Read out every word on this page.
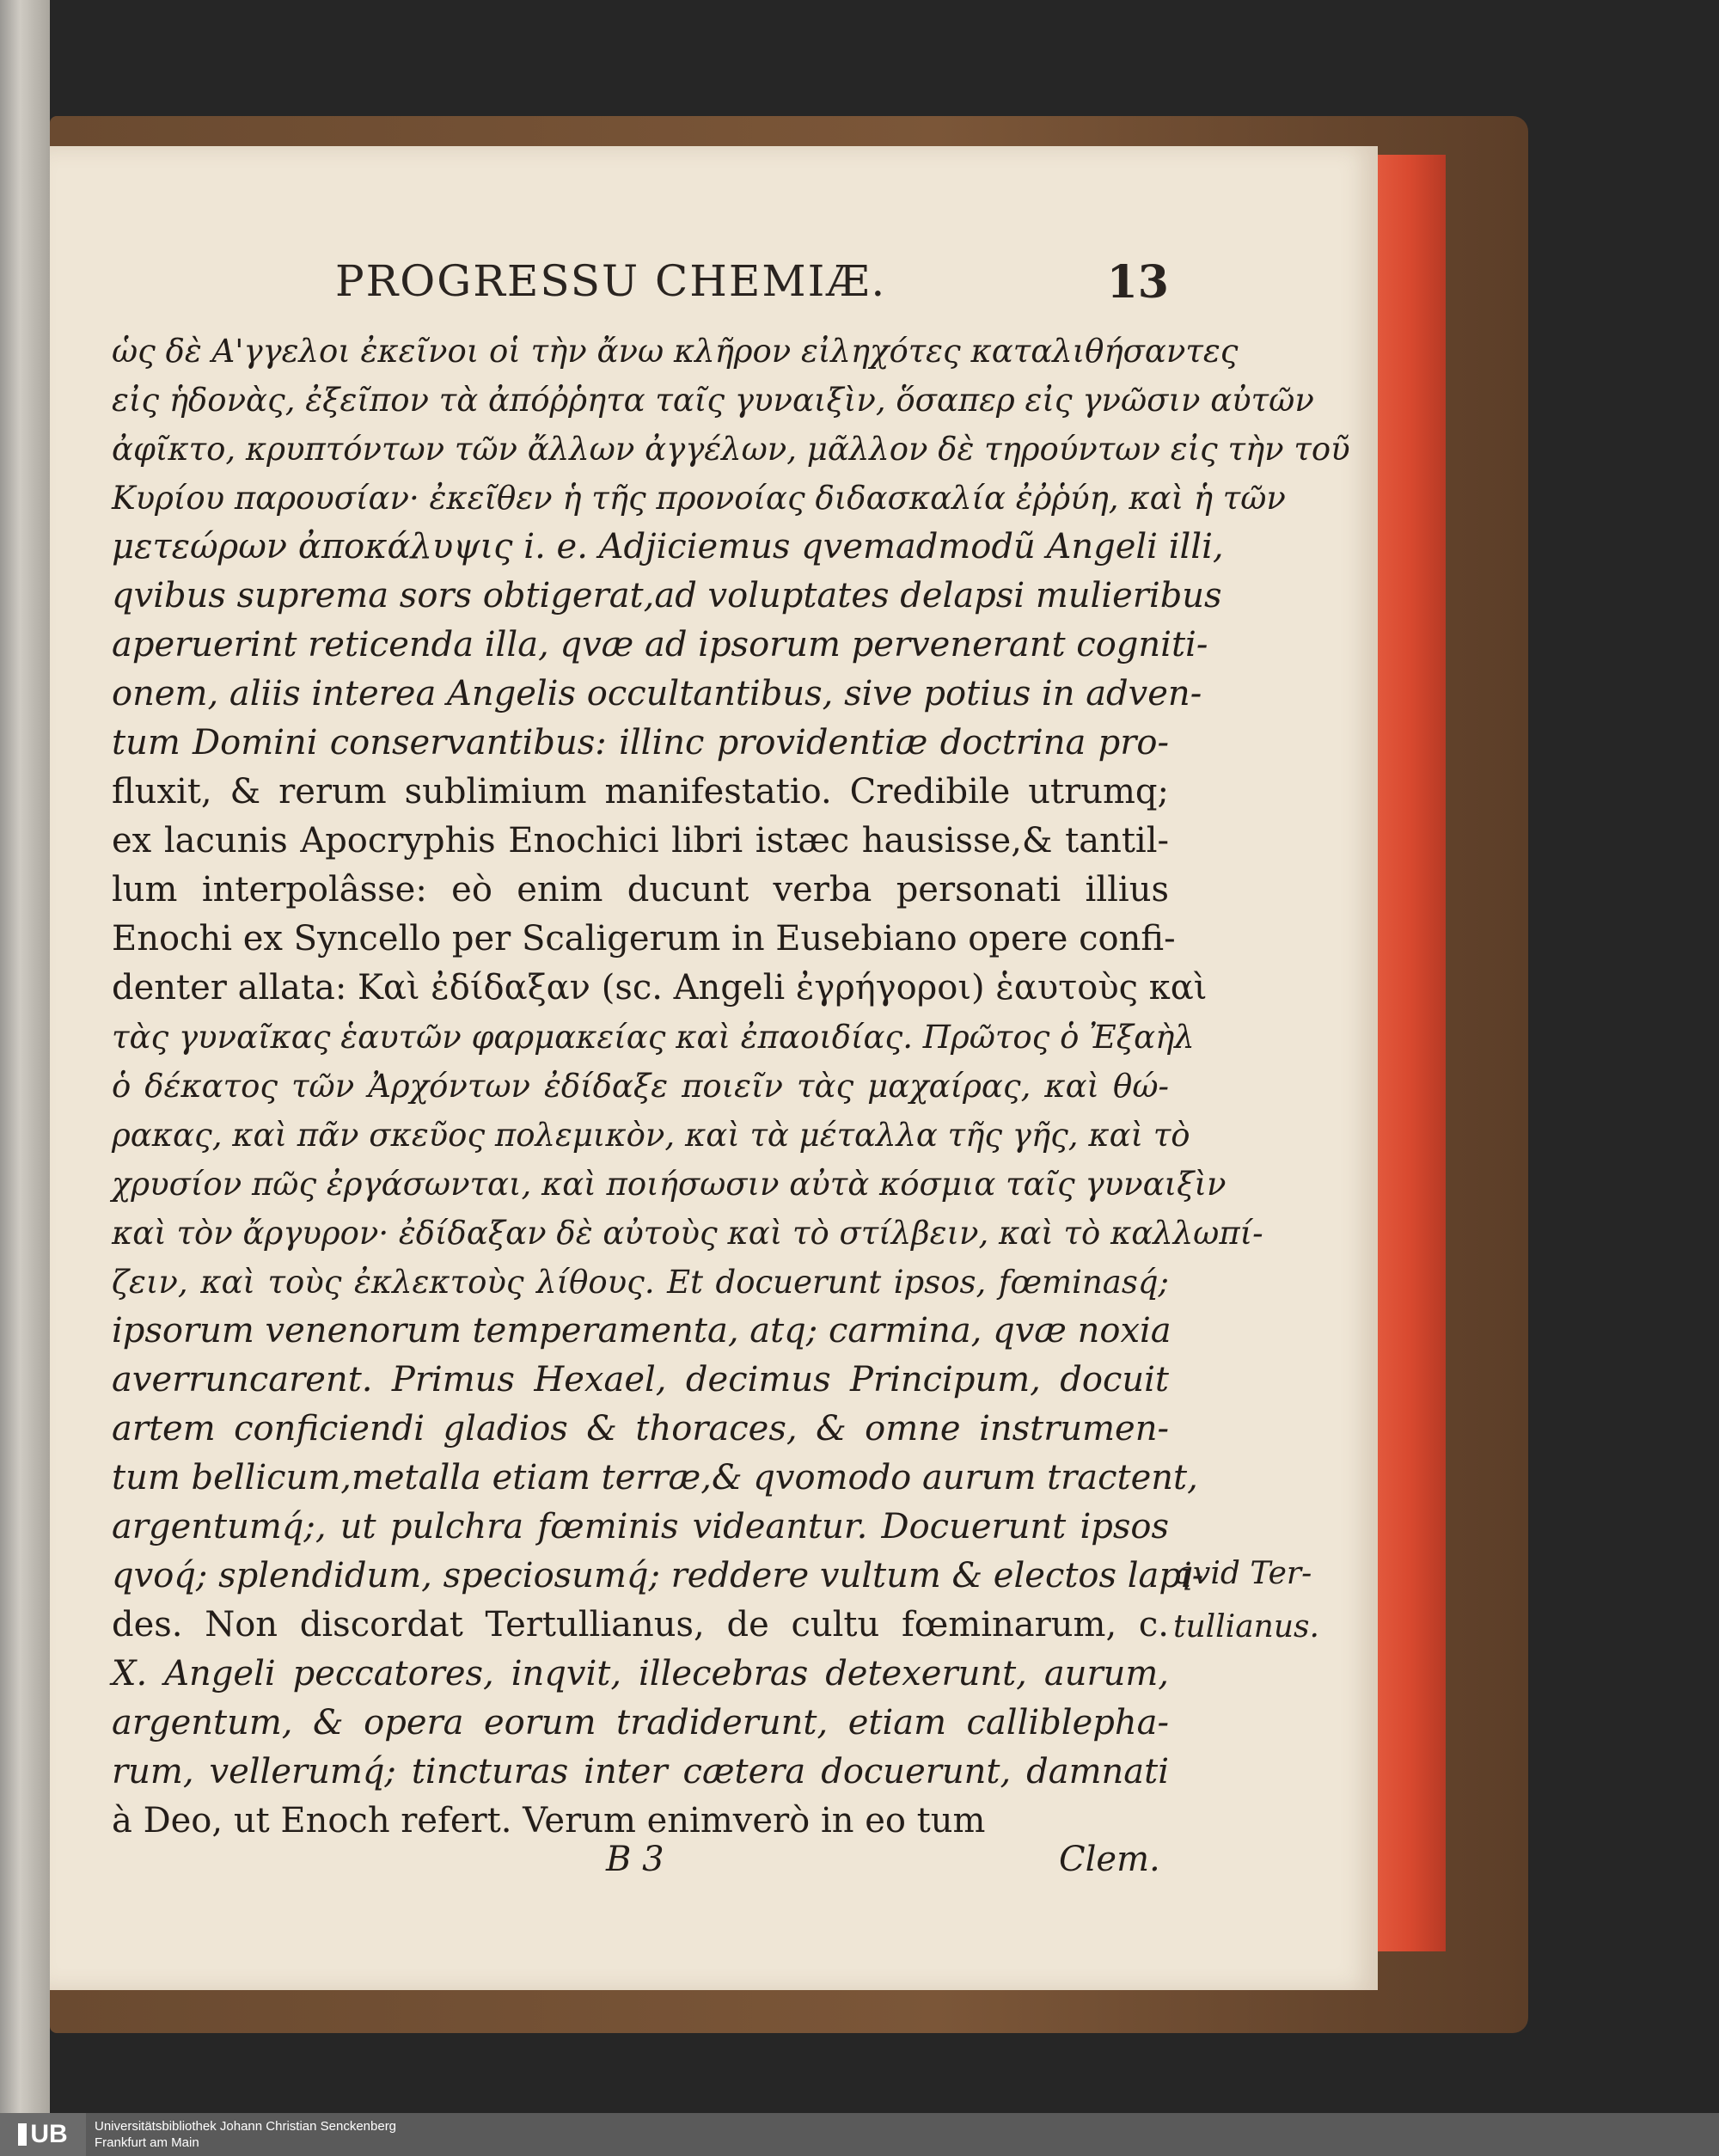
PROGRESSU CHEMIÆ.	13
ὡς δὲ Α'γγελοι ἐκεῖνοι οἱ τὴν ἄνω κλῆρον εἰληχότες καταλιθήσαντες
εἰς ἡδονὰς, ἐξεῖπον τὰ ἀπόῤῥητα ταῖς γυναιξὶν, ὅσαπερ εἰς γνῶσιν αὐτῶν
ἀφῖκτο, κρυπτόντων τῶν ἄλλων ἀγγέλων, μᾶλλον δὲ τηρούντων εἰς τὴν τοῦ
Κυρίου παρουσίαν· ἐκεῖθεν ἡ τῆς προνοίας διδασκαλία ἐῤῥύη, καὶ ἡ τῶν
μετεώρων ἀποκάλυψις i. e. Adjiciemus qvemadmodũ Angeli illi,
qvibus suprema sors obtigerat,ad voluptates delapsi mulieribus
aperuerint reticenda illa, qvæ ad ipsorum pervenerant cogniti-
onem, aliis interea Angelis occultantibus, sive potius in adven-
tum Domini conservantibus: illinc providentiæ doctrina pro-
fluxit, & rerum sublimium manifestatio. Credibile utrumq;
ex lacunis Apocryphis Enochici libri istæc hausisse,& tantil-
lum interpolâsse: eò enim ducunt verba personati illius
Enochi ex Syncello per Scaligerum in Eusebiano opere confi-
denter allata: Καὶ ἐδίδαξαν (sc. Angeli ἐγρήγοροι) ἑαυτοὺς καὶ
τὰς γυναῖκας ἑαυτῶν φαρμακείας καὶ ἐπαοιδίας. Πρῶτος ὁ Ἐξαὴλ
ὁ δέκατος τῶν Ἀρχόντων ἐδίδαξε ποιεῖν τὰς μαχαίρας, καὶ θώ-
ρακας, καὶ πᾶν σκεῦος πολεμικὸν, καὶ τὰ μέταλλα τῆς γῆς, καὶ τὸ
χρυσίον πῶς ἐργάσωνται, καὶ ποιήσωσιν αὐτὰ κόσμια ταῖς γυναιξὶν
καὶ τὸν ἄργυρον· ἐδίδαξαν δὲ αὐτοὺς καὶ τὸ στίλβειν, καὶ τὸ καλλωπί-
ζειν, καὶ τοὺς ἐκλεκτοὺς λίθους. Et docuerunt ipsos, fœminasq́;
ipsorum venenorum temperamenta, atq; carmina, qvæ noxia
averruncarent. Primus Hexael, decimus Principum, docuit
artem conficiendi gladios & thoraces, & omne instrumen-
tum bellicum,metalla etiam terræ,& qvomodo aurum tractent,
argentumq́;, ut pulchra fœminis videantur. Docuerunt ipsos
qvoq́; splendidum, speciosumq́; reddere vultum & electos lapi-
des. Non discordat Tertullianus, de cultu fœminarum, c.
X. Angeli peccatores, inqvit, illecebras detexerunt, aurum,
argentum, & opera eorum tradiderunt, etiam calliblepha-
rum, vellerumq́; tincturas inter cætera docuerunt, damnati
à Deo, ut Enoch refert. Verum enimverò in eo tum
qvid Ter-
tullianus.
B 3	Clem.
UB Universitätsbibliothek Johann Christian Senckenberg
Frankfurt am Main
